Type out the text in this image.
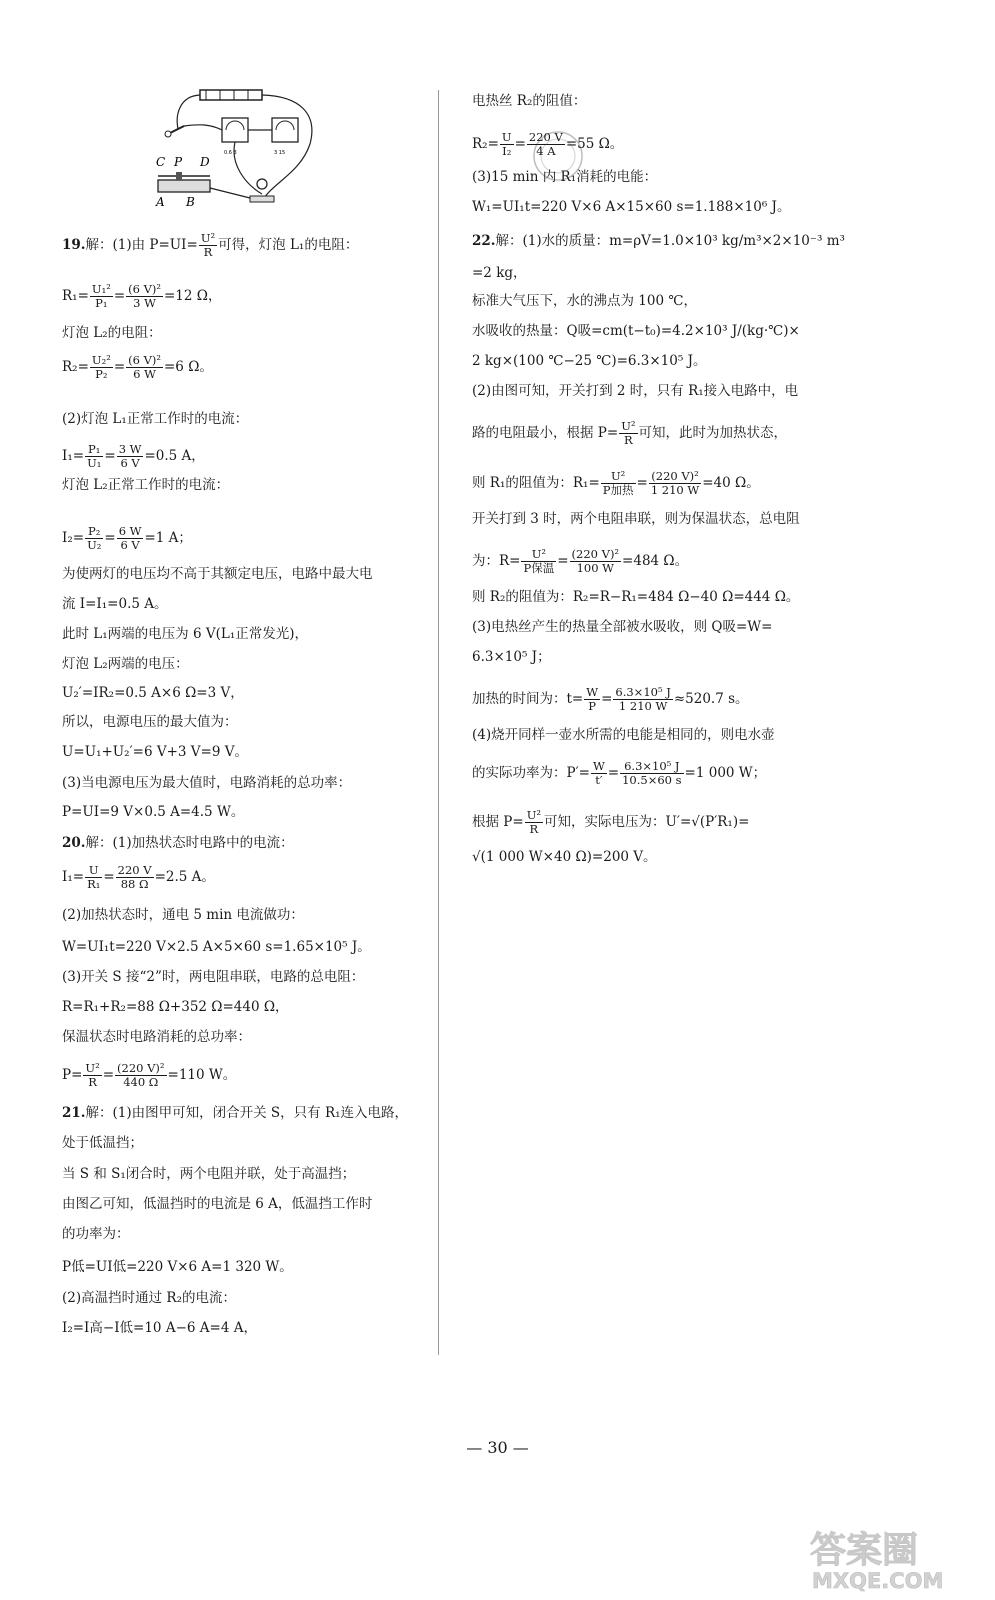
0.6 3	3 15
C P D
A B
19.解：(1)由 $P=UI= \frac{\text{U²}}{R}$ 可得，灯泡 L₁的电阻：
$R_1= \frac{\text{U₁²}}{\text{P₁}} = \frac{\text{(6 V)²}}{3 W} =12$ Ω，
灯泡 L₂的电阻：
$R_2= \frac{\text{U₂²}}{\text{P₂}} = \frac{\text{(6 V)²}}{6 W} =6$ Ω。
(2)灯泡 L₁正常工作时的电流：
$I_1= \frac{\text{P₁}}{\text{U₁}} = \frac{3 W}{6 V} =0.5$ A，
灯泡 L₂正常工作时的电流：
$I_2= \frac{\text{P₂}}{\text{U₂}} = \frac{6 W}{6 V} =1$ A；
为使两灯的电压均不高于其额定电压，电路中最大电
流 I=I₁=0.5 A。
此时 L₁两端的电压为 6 V(L₁正常发光)，
灯泡 L₂两端的电压：
U₂′=IR₂=0.5 A×6 Ω=3 V，
所以，电源电压的最大值为：
U=U₁+U₂′=6 V+3 V=9 V。
(3)当电源电压为最大值时，电路消耗的总功率：
P=UI=9 V×0.5 A=4.5 W。
20.解：(1)加热状态时电路中的电流：
$I_1= \frac{U}{\text{R₁}} = \frac{220 V}{88 \Omega} =2.5$ A。
(2)加热状态时，通电 5 min 电流做功：
W=UI₁t=220 V×2.5 A×5×60 s=1.65×10⁵ J。
(3)开关 S 接“2”时，两电阻串联，电路的总电阻：
R=R₁+R₂=88 Ω+352 Ω=440 Ω，
保温状态时电路消耗的总功率：
$P= \frac{\text{U²}}{R} = \frac{\text{(220 V)²}}{440 \Omega} =110$ W。
21.解：(1)由图甲可知，闭合开关 S，只有 R₁连入电路，
处于低温挡；
当 S 和 S₁闭合时，两个电阻并联，处于高温挡；
由图乙可知，低温挡时的电流是 6 A，低温挡工作时
的功率为：
P低=UI低=220 V×6 A=1 320 W。
(2)高温挡时通过 R₂的电流：
I₂=I高−I低=10 A−6 A=4 A，
电热丝 R₂的阻值：
$R_2= \frac{U}{\text{I₂}} = \frac{220 V}{4 A} =55$ Ω。
(3)15 min 内 R₁消耗的电能：
W₁=UI₁t=220 V×6 A×15×60 s=1.188×10⁶ J。
22.解：(1)水的质量：m=ρV=1.0×10³ kg/m³×2×10⁻³ m³
=2 kg，
标准大气压下，水的沸点为 100 ℃，
水吸收的热量：Q吸=cm(t−t₀)=4.2×10³ J/(kg·℃)×
2 kg×(100 ℃−25 ℃)=6.3×10⁵ J。
(2)由图可知，开关打到 2 时，只有 R₁接入电路中，电
路的电阻最小，根据 $P= \frac{\text{U²}}{R}$ 可知，此时为加热状态，
则 R₁的阻值为：$R_1= \frac{\text{U²}}{\text{P加热}} = \frac{\text{(220 V)²}}{1 210 W} =40$ Ω。
开关打到 3 时，两个电阻串联，则为保温状态，总电阻
为：$R= \frac{\text{U²}}{\text{P保温}} = \frac{\text{(220 V)²}}{100 W} =484$ Ω。
则 R₂的阻值为：R₂=R−R₁=484 Ω−40 Ω=444 Ω。
(3)电热丝产生的热量全部被水吸收，则 Q吸=W=
6.3×10⁵ J；
加热的时间为：$t= \frac{W}{P} = \frac{\text{6.3×10⁵ J}}{1 210 W} \approx 520.7$ s。
(4)烧开同样一壶水所需的电能是相同的，则电水壶
的实际功率为：$P'= \frac{W}{t'} = \frac{\text{6.3×10⁵ J}}{10.5\times 60 s} =1$ 000 W；
根据 $P= \frac{\text{U²}}{R}$ 可知，实际电压为：U′=√(P′R₁)=
√(1 000 W×40 Ω)=200 V。
— 30 —
答案圈
MXQE.COM
